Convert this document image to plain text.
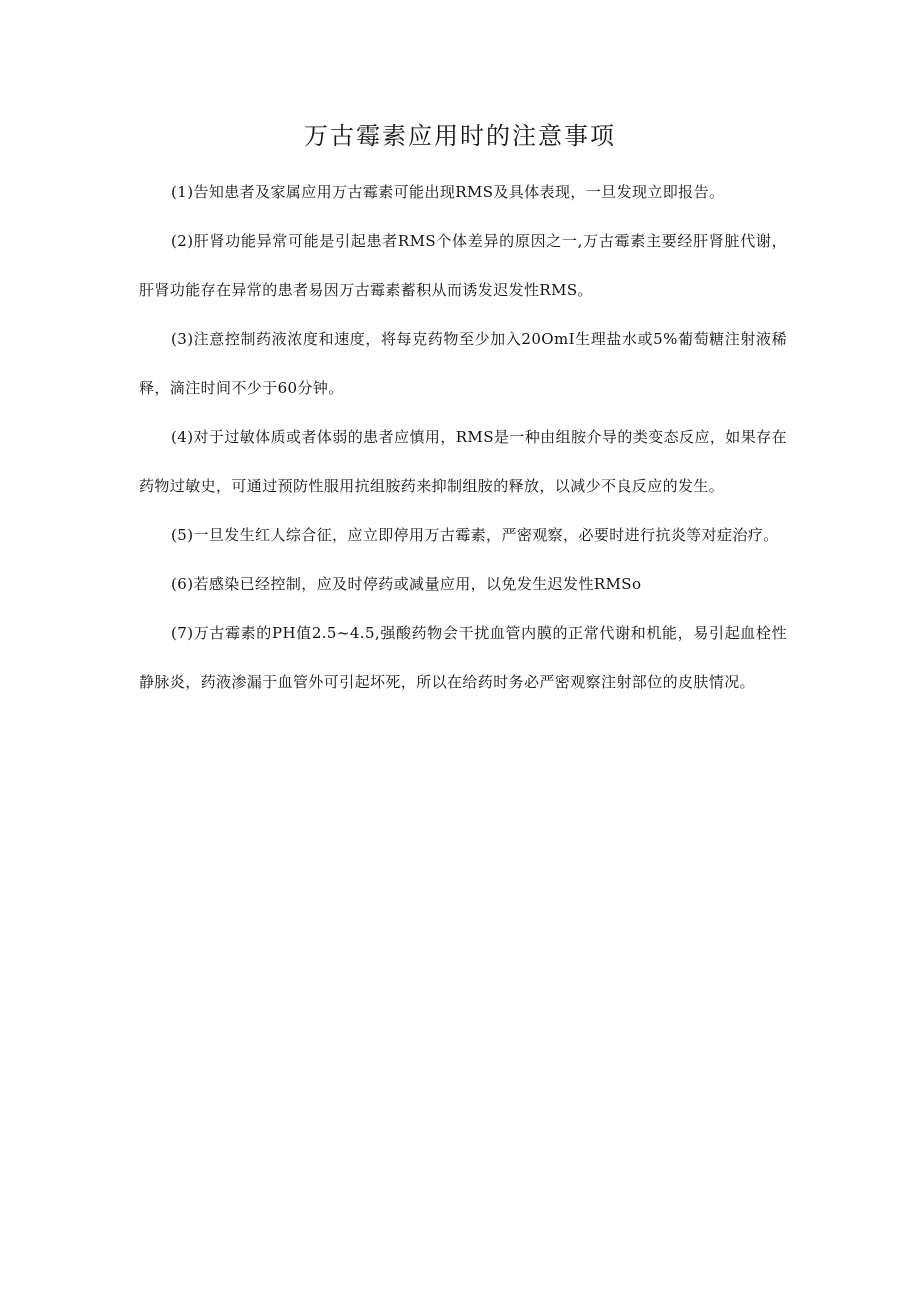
万古霉素应用时的注意事项

(1)告知患者及家属应用万古霉素可能出现RMS及具体表现，一旦发现立即报告。

(2)肝肾功能异常可能是引起患者RMS个体差异的原因之一,万古霉素主要经肝肾脏代谢，肝肾功能存在异常的患者易因万古霉素蓄积从而诱发迟发性RMS。

(3)注意控制药液浓度和速度，将每克药物至少加入20OmI生理盐水或5%葡萄糖注射液稀释，滴注时间不少于60分钟。

(4)对于过敏体质或者体弱的患者应慎用，RMS是一种由组胺介导的类变态反应，如果存在药物过敏史，可通过预防性服用抗组胺药来抑制组胺的释放，以减少不良反应的发生。

(5)一旦发生红人综合征，应立即停用万古霉素，严密观察，必要时进行抗炎等对症治疗。

(6)若感染已经控制，应及时停药或减量应用，以免发生迟发性RMSo

(7)万古霉素的PH值2.5~4.5,强酸药物会干扰血管内膜的正常代谢和机能，易引起血栓性静脉炎，药液渗漏于血管外可引起坏死，所以在给药时务必严密观察注射部位的皮肤情况。
